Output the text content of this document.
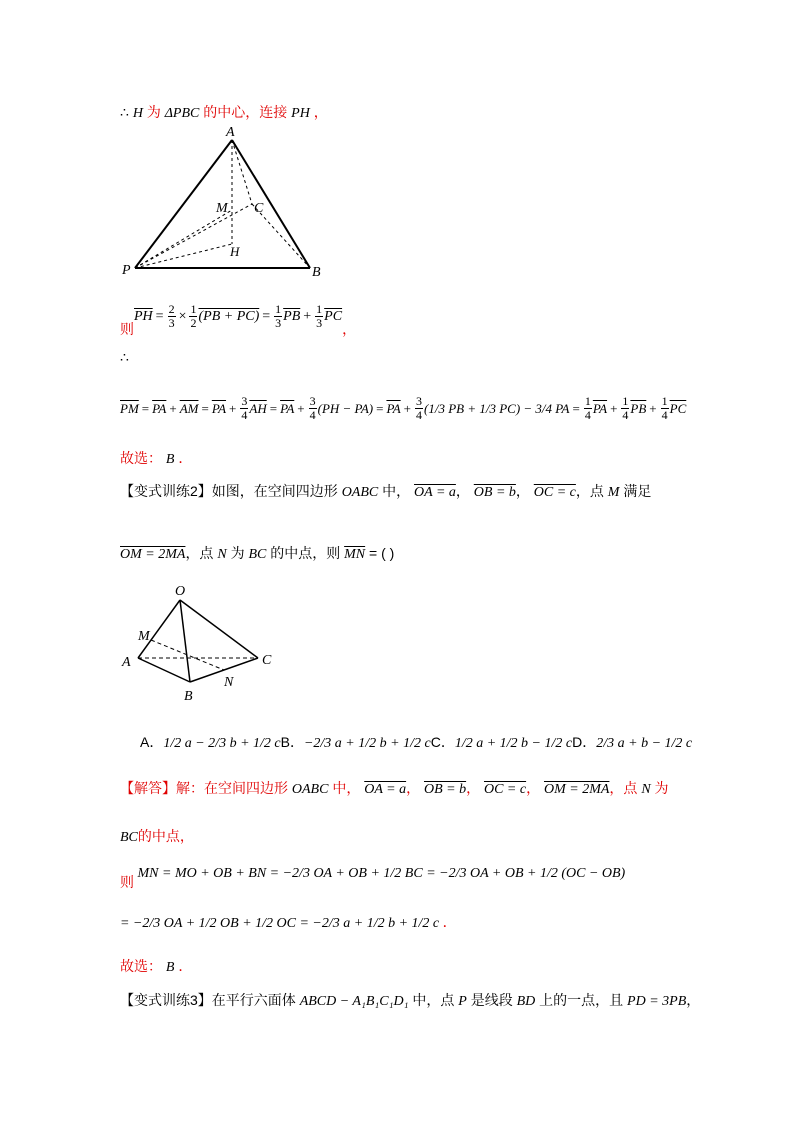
∴ H 为 ΔPBC 的中心，连接 PH ，
A
M C
H
P	B
则
$\overline{PH} = \frac{2}{3} \times \frac{1}{2} (PB + PC) = \frac{1}{3} \overline{PB} + \frac{1}{3} \overline{PC}$
，
∴
$\overline{PM} = \overline{PA} + \overline{AM} = \overline{PA} + \frac{3}{4} \overline{AH} = \overline{PA} + \frac{3}{4} (PH - PA) = \overline{PA} + \frac{3}{4} (1/3$ PB + 1/3 PC) − 3/4 PA = $\frac{1}{4} \overline{PA} + \frac{1}{4} \overline{PB} + \frac{1}{4} \overline{PC}$
故选： B ．
【变式训练2】如图，在空间四边形 OABC 中， OA = a， OB = b， OC = c，点 M 满足
OM = 2MA，点 N 为 BC 的中点，则 $\overline{MN}$ = ( )
O
M
A	C
B
N
A．1/2 a − 2/3 b + 1/2 c B．−2/3 a + 1/2 b + 1/2 c C．1/2 a + 1/2 b − 1/2 c D．2/3 a + b − 1/2 c
【解答】解：在空间四边形 OABC 中， OA = a， OB = b， OC = c， OM = 2MA，点 N 为
BC的中点，
则 MN = MO + OB + BN = −2/3 OA + OB + 1/2 BC = −2/3 OA + OB + 1/2 (OC − OB)
= −2/3 OA + 1/2 OB + 1/2 OC = −2/3 a + 1/2 b + 1/2 c ．
故选： B ．
【变式训练3】在平行六面体 ABCD − A₁B₁C₁D₁ 中，点 P 是线段 BD 上的一点，且 PD = 3PB，
